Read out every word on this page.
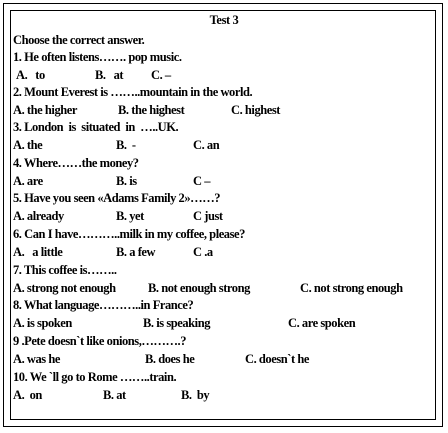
Test 3
Choose the correct answer.
1. He often listens……. pop music.

A.   to

	B.   at

C. –

2. Mount Everest is ……..mountain in the world.

A. the higher

	B. the highest

	C. highest

3. London  is  situated  in  …..UK.

A. the

	B.  -

	C. an

4. Where……the money?

A. are

	B. is

	C –

5. Have you seen «Adams Family 2»……?

A. already

	B. yet

	C just

6. Can I have………..milk in my coffee, please?

A.   a little

	B. a few

	C .a

7. This coffee is……..

A. strong not enough

	B. not enough strong

	C. not strong enough

8. What language………..in France?

A. is spoken

	B. is speaking

	C. are spoken

9 .Pete doesn`t like onions,……….?

A. was he

	B. does he

	C. doesn`t he

10. We `ll go to Rome ……..train.

A.  on

	B. at

	B.  by
